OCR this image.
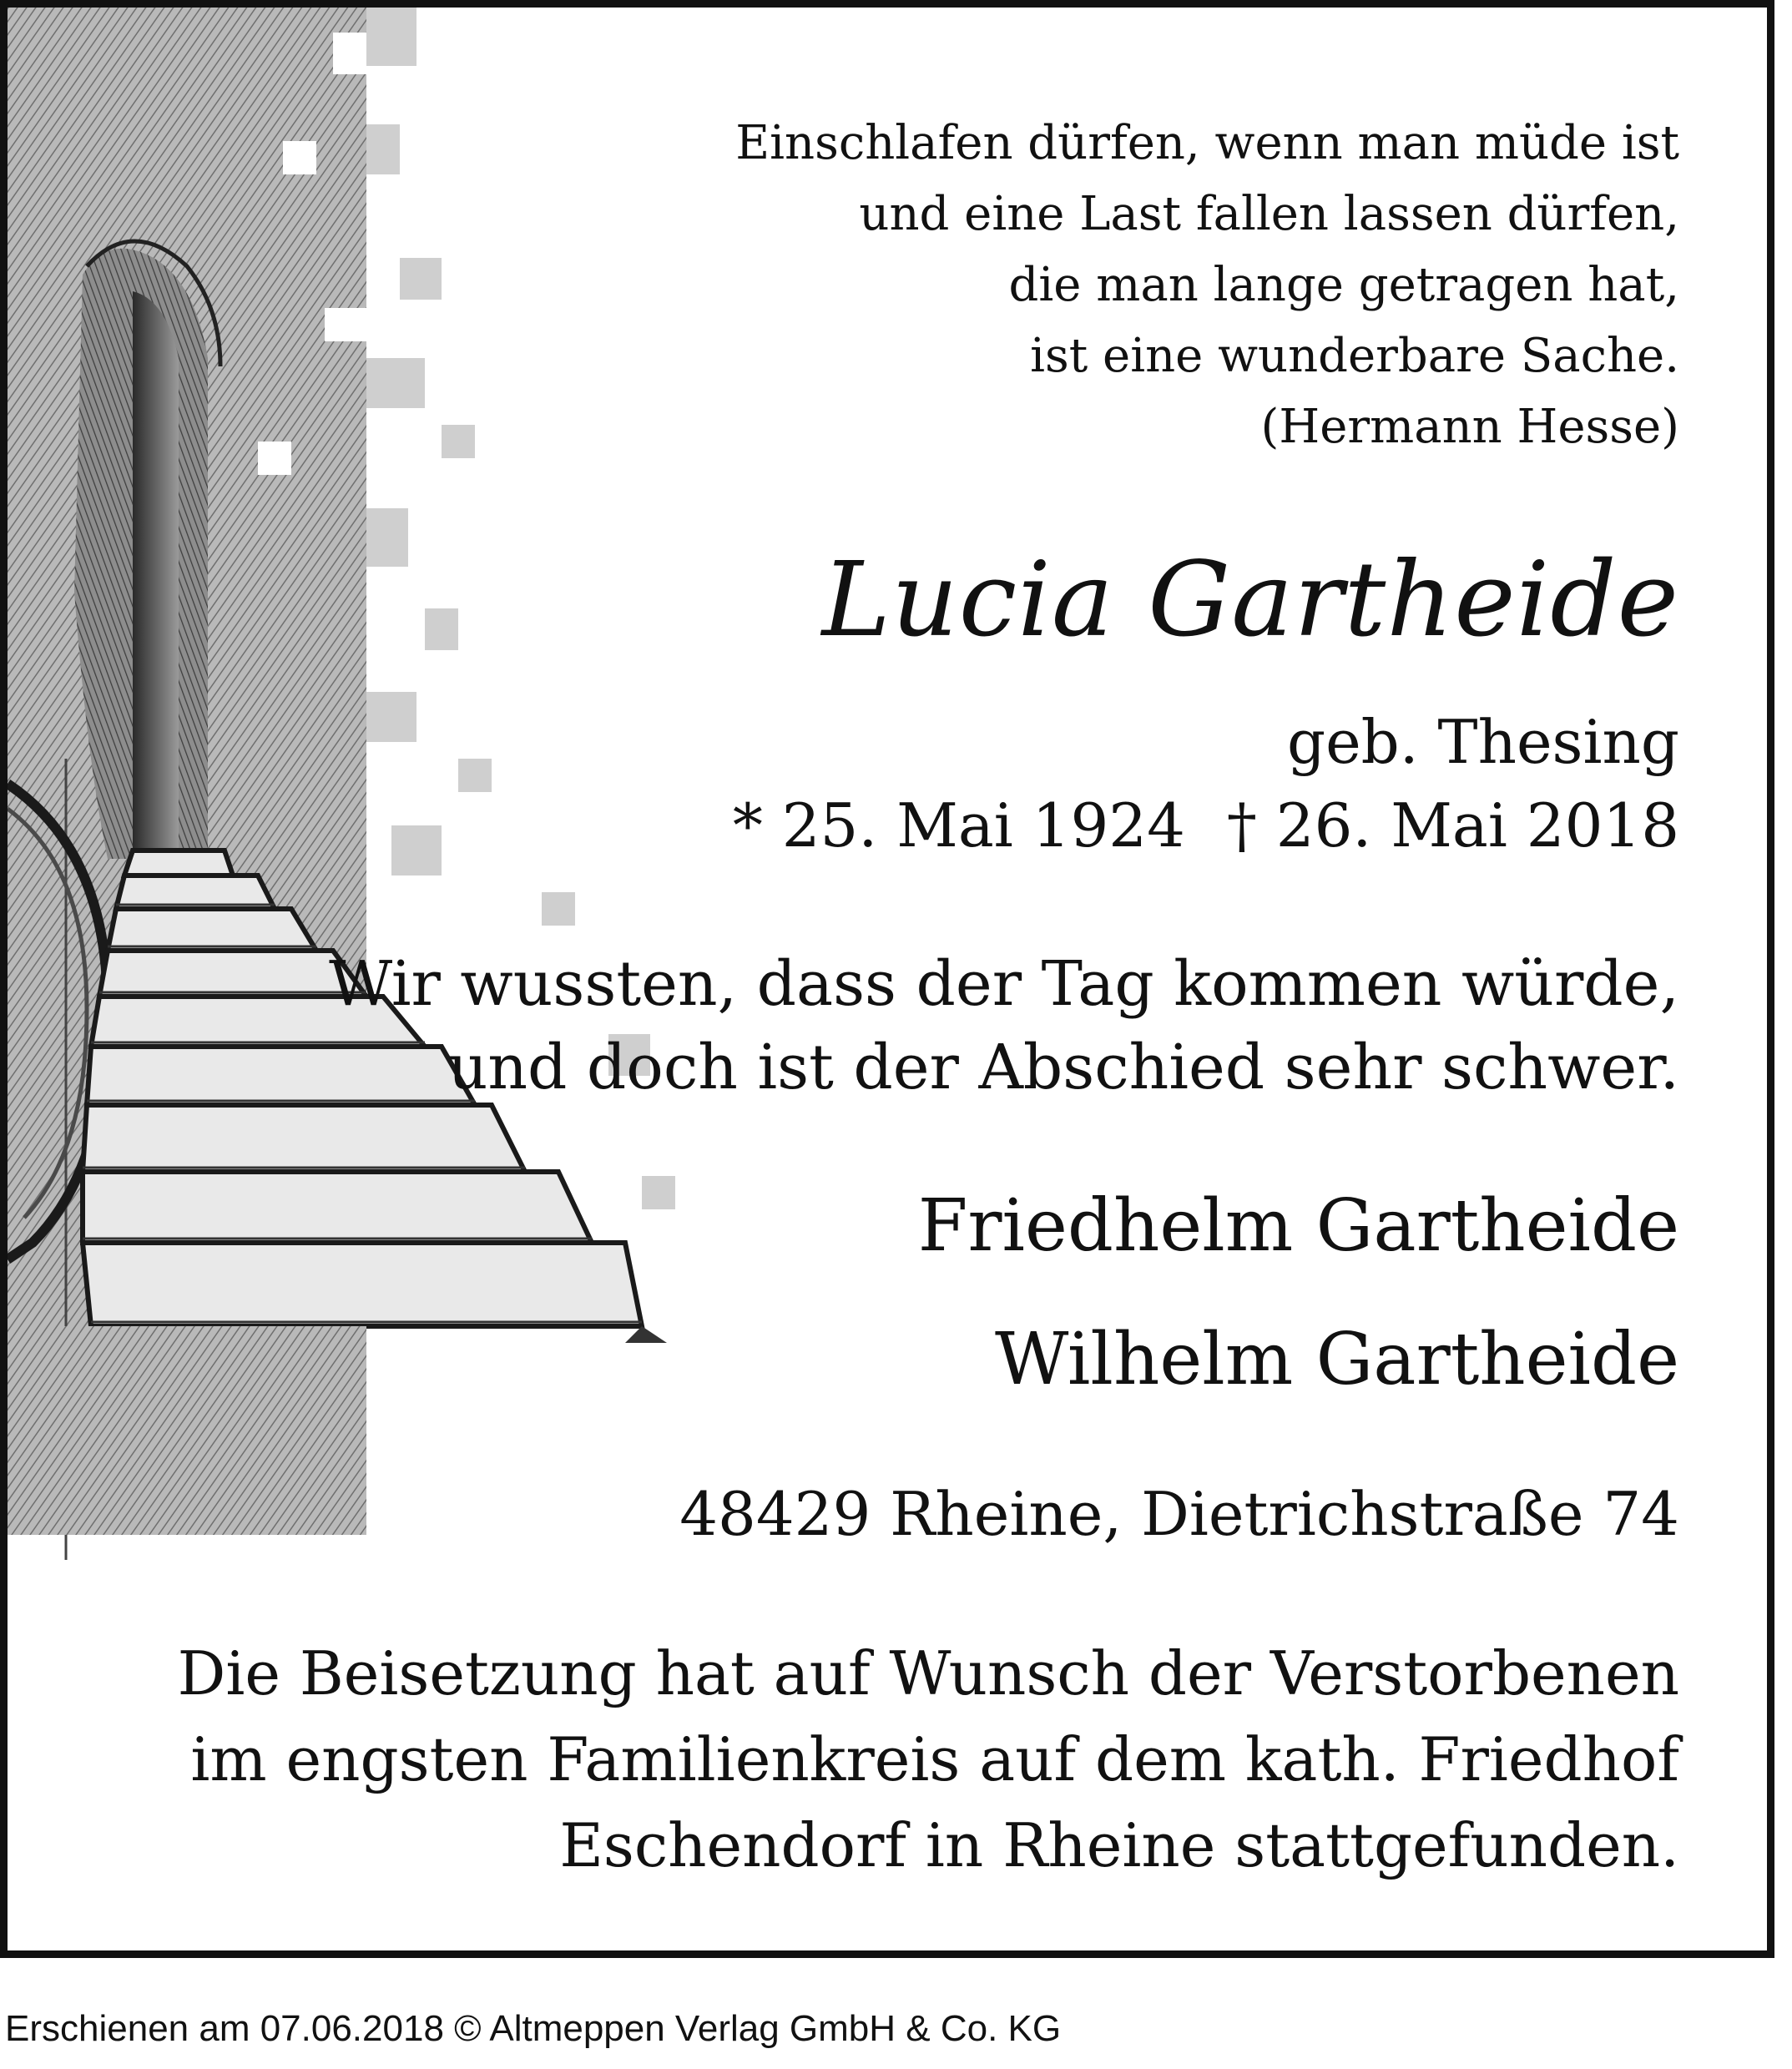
Einschlafen dürfen, wenn man müde ist
und eine Last fallen lassen dürfen,
die man lange getragen hat,
ist eine wunderbare Sache.
(Hermann Hesse)
Lucia Gartheide
geb. Thesing
* 25. Mai 1924 † 26. Mai 2018
Wir wussten, dass der Tag kommen würde,
und doch ist der Abschied sehr schwer.
Friedhelm Gartheide
Wilhelm Gartheide
48429 Rheine, Dietrichstraße 74
Die Beisetzung hat auf Wunsch der Verstorbenen
im engsten Familienkreis auf dem kath. Friedhof
Eschendorf in Rheine stattgefunden.
Erschienen am 07.06.2018 © Altmeppen Verlag GmbH & Co. KG
